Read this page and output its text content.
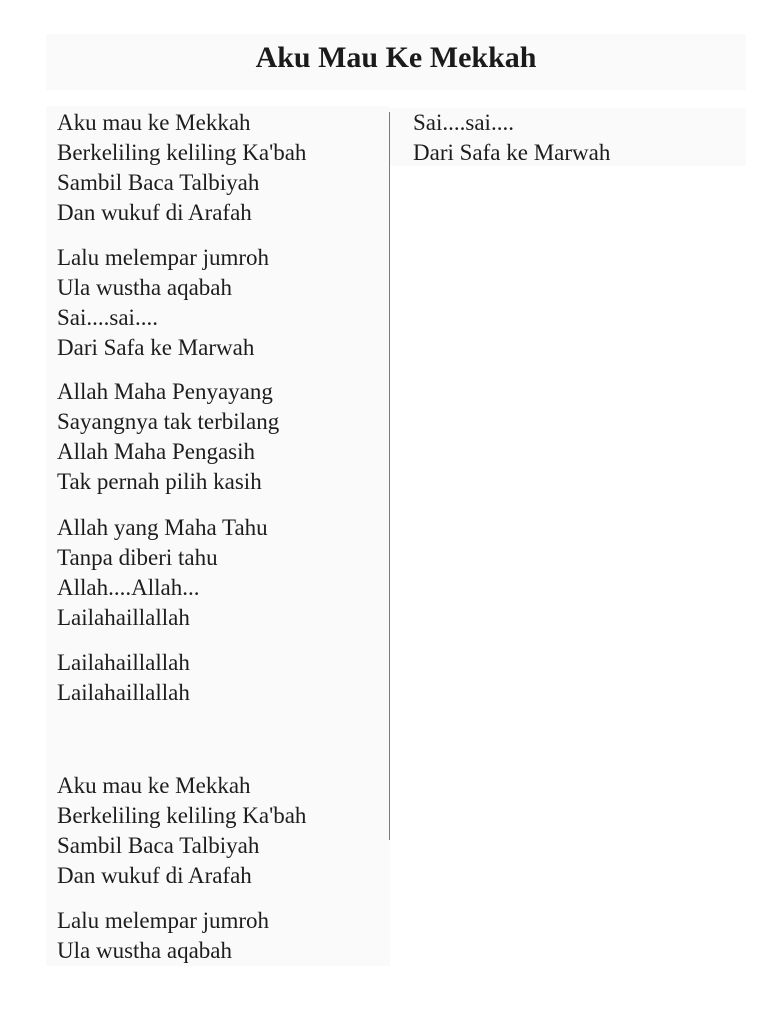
Aku Mau Ke Mekkah
Aku mau ke Mekkah
Berkeliling keliling Ka'bah
Sambil Baca Talbiyah
Dan wukuf di Arafah
Lalu melempar jumroh
Ula wustha aqabah
Sai....sai....
Dari Safa ke Marwah
Allah Maha Penyayang
Sayangnya tak terbilang
Allah Maha Pengasih
Tak pernah pilih kasih
Allah yang Maha Tahu
Tanpa diberi tahu
Allah....Allah...
Lailahaillallah
Lailahaillallah
Lailahaillallah
Aku mau ke Mekkah
Berkeliling keliling Ka'bah
Sambil Baca Talbiyah
Dan wukuf di Arafah
Lalu melempar jumroh
Ula wustha aqabah
Sai....sai....
Dari Safa ke Marwah
